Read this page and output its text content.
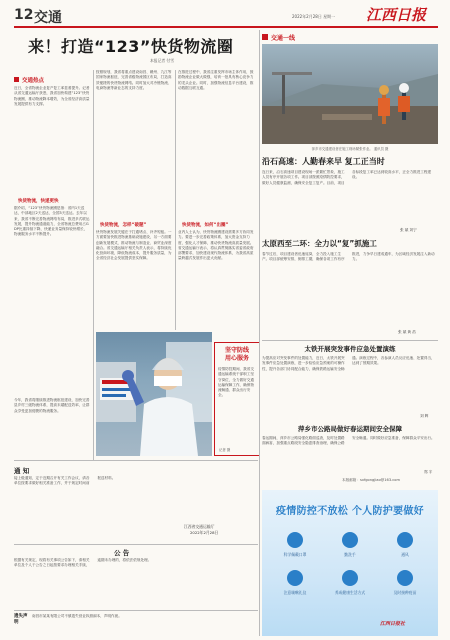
12 交通	2022年2月28日 星期一 江西日报
交通一线
来！打造“123”快货物流圈
本报记者 付雪
交通热点
近日，全省物流企业复产复工率显著提升。记者从省交通运输厅获悉，我省加快构建“123”快货物流圈，推动物流降本增效，为全省经济高质量发展提供有力支撑。
快货物流，快递更快
据介绍，“123”快货物流圈是指：省内1天送达，中部地区2天送达，全国3天送达。去年以来，我省不断完善物流网络布局，推进多式联运发展，提升物流通道能力，全省物流总费用占GDP比重持续下降，快递业务量保持较快增长，物流服务水平不断提升。
今年，我省将继续推进物流枢纽建设，加快完善县乡村三级物流体系，提高末端配送效率，让群众享受更加便捷的物流服务。
按照规划，我省将重点建设南昌、赣州、九江等国家物流枢纽，完善省级物流园区布局，打造高效便捷的快货物流网络。同时加大对冷链物流、电商物流等新业态的支持力度。
快货物流，怎样“破题”
快货物流发展关键在于打通堵点、补齐短板。一方面要加快推进物流基础设施建设，另一方面要创新发展模式，推动物流与制造业、商贸业深度融合。省交通运输厅相关负责人表示，将持续优化营商环境，降低物流成本，提升服务质量，为全省经济社会发展提供坚实保障。
在推进过程中，我省注重发挥市场主体作用，鼓励物流企业做大做强，培育一批具有核心竞争力的龙头企业。同时，加强物流信息平台建设，推动数据互联互通。
快货物流，如何“出圈”
业内人士认为，快货物流圈建设需要多方协同发力。要进一步完善政策体系，加大资金支持力度，强化人才保障，推动快货物流高质量发展。省交通运输厅表示，将认真贯彻落实省委省政府部署要求，加快建设现代物流体系，为我省高质量跨越式发展作出更大贡献。
坚守防线
用心服务
疫情防控期间，我省交通运输系统干部职工坚守岗位，全力做好交通运输保障工作，确保物流畅通、群众出行安全。
记者 摄
萍乡市交通建设者在施工现场紧张作业。 通讯员 摄
沿石高速：人勤春来早 复工正当时
连日来，沿石高速项目建设现场一派繁忙景象，施工人员有序开展各项工作。项目部按照疫情防控要求，做好人员健康监测，确保安全复工复产。目前，项目各标段复工率已达到较高水平，正全力推进工程建设。
张 斌 刘宁
太原西至二环：全力以“复”抓施工
春节过后，项目建设者迅速返岗，全力投入施工生产。项目部统筹安排，倒排工期，确保各项工作有序推进，力争早日建成通车，为区域经济发展注入新动力。
张 斌 黄 浩
太铁开展突发事件应急处置演练
为提高应对突发事件的处置能力，近日，太铁开展突发事件应急处置演练，进一步检验应急预案的可操作性，提升各部门协同配合能力，确保铁路运输安全畅通。演练过程中，各参演人员反应迅速、处置得当，达到了预期效果。
刘 辉
萍乡市公路局做好春运期间安全保障
春运期间，萍乡市公路局强化路面巡查，及时处置路面病害，加强重点路段安全隐患排查治理，确保公路安全畅通。同时做好应急准备，保障群众平安出行。
郑 宇
本版邮箱：sxfgongjiao@163.com
通 知
接上级通知，定于近期召开有关工作会议，请各单位按要求做好相关准备工作，并于规定时间前报送材料。
江西省交通运输厅
2022年2月28日
公 告
根据有关规定，现将有关事项公告如下，请相关单位及个人于公告之日起按要求办理相关手续，逾期未办理的，将依法依规处理。
遗失声明
南昌市某某有限公司不慎遗失营业执照副本，声明作废。
疫情防控不放松 个人防护要做好
科学佩戴口罩	勤洗手	通风
注意咳嗽礼仪	养成健康生活方式	及时接种疫苗
江西日报社
